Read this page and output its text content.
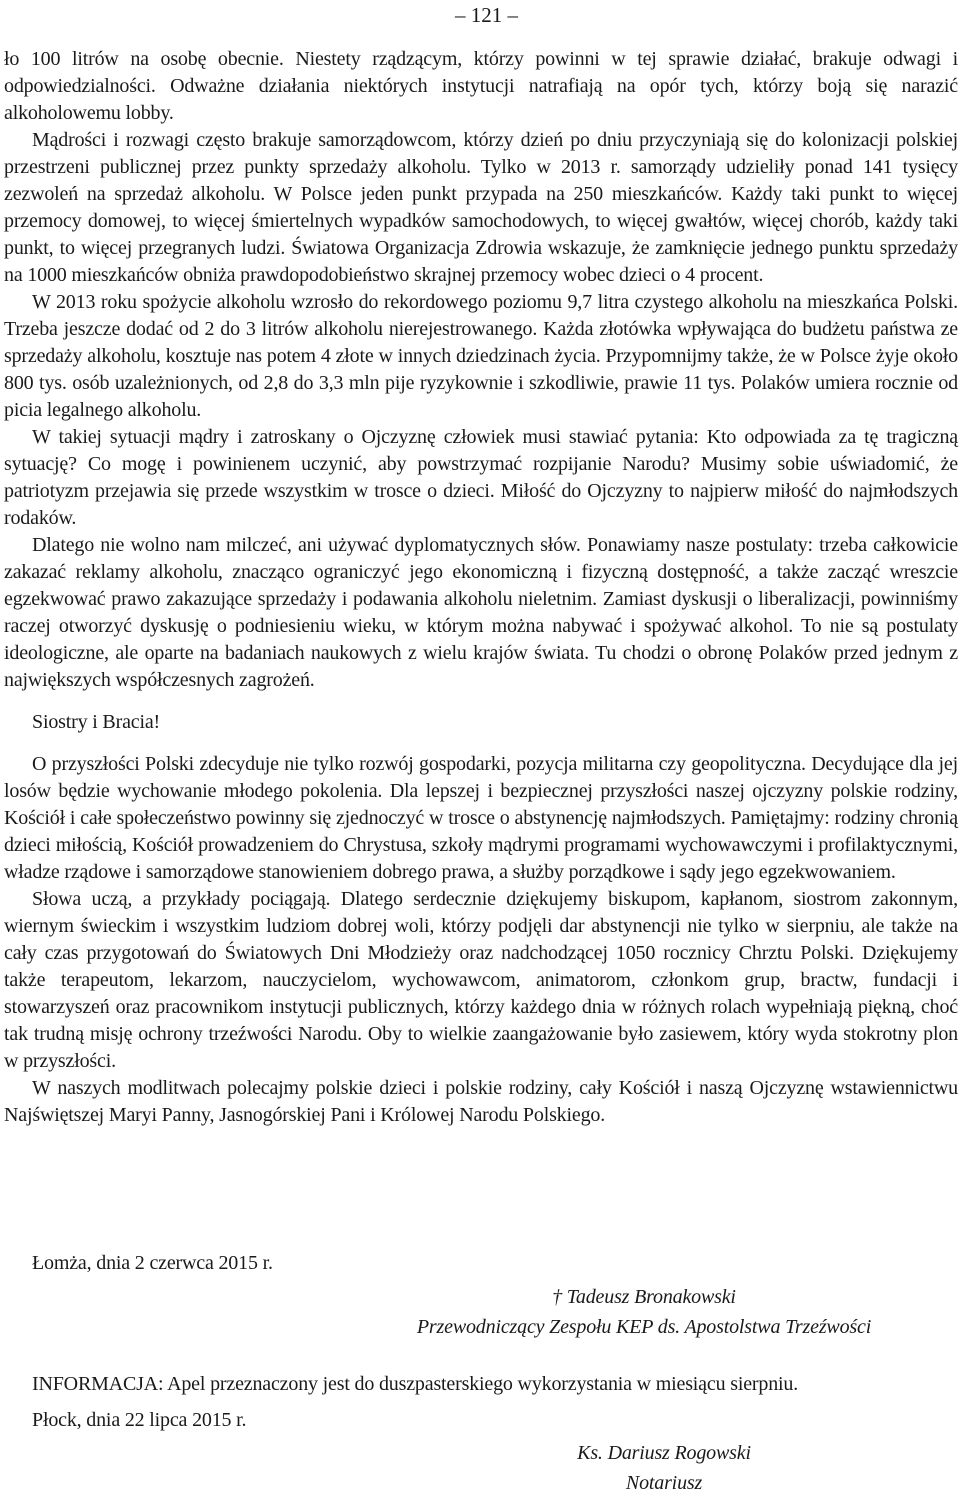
– 121 –

ło 100 litrów na osobę obecnie. Niestety rządzącym, którzy powinni w tej sprawie działać, brakuje odwagi i odpowiedzialności. Odważne działania niektórych instytucji natrafiają na opór tych, którzy boją się narazić alkoholowemu lobby.

Mądrości i rozwagi często brakuje samorządowcom, którzy dzień po dniu przyczyniają się do kolonizacji polskiej przestrzeni publicznej przez punkty sprzedaży alkoholu. Tylko w 2013 r. samorządy udzieliły ponad 141 tysięcy zezwoleń na sprzedaż alkoholu. W Polsce jeden punkt przypada na 250 mieszkańców. Każdy taki punkt to więcej przemocy domowej, to więcej śmiertelnych wypadków samochodowych, to więcej gwałtów, więcej chorób, każdy taki punkt, to więcej przegranych ludzi. Światowa Organizacja Zdrowia wskazuje, że zamknięcie jednego punktu sprzedaży na 1000 mieszkańców obniża prawdopodobieństwo skrajnej przemocy wobec dzieci o 4 procent.

W 2013 roku spożycie alkoholu wzrosło do rekordowego poziomu 9,7 litra czystego alkoholu na mieszkańca Polski. Trzeba jeszcze dodać od 2 do 3 litrów alkoholu nierejestrowanego. Każda złotówka wpływająca do budżetu państwa ze sprzedaży alkoholu, kosztuje nas potem 4 złote w innych dziedzinach życia. Przypomnijmy także, że w Polsce żyje około 800 tys. osób uzależnionych, od 2,8 do 3,3 mln pije ryzykownie i szkodliwie, prawie 11 tys. Polaków umiera rocznie od picia legalnego alkoholu.

W takiej sytuacji mądry i zatroskany o Ojczyznę człowiek musi stawiać pytania: Kto odpowiada za tę tragiczną sytuację? Co mogę i powinienem uczynić, aby powstrzymać rozpijanie Narodu? Musimy sobie uświadomić, że patriotyzm przejawia się przede wszystkim w trosce o dzieci. Miłość do Ojczyzny to najpierw miłość do najmłodszych rodaków.

Dlatego nie wolno nam milczeć, ani używać dyplomatycznych słów. Ponawiamy nasze postulaty: trzeba całkowicie zakazać reklamy alkoholu, znacząco ograniczyć jego ekonomiczną i fizyczną dostępność, a także zacząć wreszcie egzekwować prawo zakazujące sprzedaży i podawania alkoholu nieletnim. Zamiast dyskusji o liberalizacji, powinniśmy raczej otworzyć dyskusję o podniesieniu wieku, w którym można nabywać i spożywać alkohol. To nie są postulaty ideologiczne, ale oparte na badaniach naukowych z wielu krajów świata. Tu chodzi o obronę Polaków przed jednym z największych współczesnych zagrożeń.

Siostry i Bracia!

O przyszłości Polski zdecyduje nie tylko rozwój gospodarki, pozycja militarna czy geopolityczna. Decydujące dla jej losów będzie wychowanie młodego pokolenia. Dla lepszej i bezpiecznej przyszłości naszej ojczyzny polskie rodziny, Kościół i całe społeczeństwo powinny się zjednoczyć w trosce o abstynencję najmłodszych. Pamiętajmy: rodziny chronią dzieci miłością, Kościół prowadzeniem do Chrystusa, szkoły mądrymi programami wychowawczymi i profilaktycznymi, władze rządowe i samorządowe stanowieniem dobrego prawa, a służby porządkowe i sądy jego egzekwowaniem.

Słowa uczą, a przykłady pociągają. Dlatego serdecznie dziękujemy biskupom, kapłanom, siostrom zakonnym, wiernym świeckim i wszystkim ludziom dobrej woli, którzy podjęli dar abstynencji nie tylko w sierpniu, ale także na cały czas przygotowań do Światowych Dni Młodzieży oraz nadchodzącej 1050 rocznicy Chrztu Polski. Dziękujemy także terapeutom, lekarzom, nauczycielom, wychowawcom, animatorom, członkom grup, bractw, fundacji i stowarzyszeń oraz pracownikom instytucji publicznych, którzy każdego dnia w różnych rolach wypełniają piękną, choć tak trudną misję ochrony trzeźwości Narodu. Oby to wielkie zaangażowanie było zasiewem, który wyda stokrotny plon w przyszłości.

W naszych modlitwach polecajmy polskie dzieci i polskie rodziny, cały Kościół i naszą Ojczyznę wstawiennictwu Najświętszej Maryi Panny, Jasnogórskiej Pani i Królowej Narodu Polskiego.

Łomża, dnia 2 czerwca 2015 r.
† Tadeusz Bronakowski
Przewodniczący Zespołu KEP ds. Apostolstwa Trzeźwości
INFORMACJA: Apel przeznaczony jest do duszpasterskiego wykorzystania w miesiącu sierpniu.
Płock, dnia 22 lipca 2015 r.
Ks. Dariusz Rogowski
Notariusz
